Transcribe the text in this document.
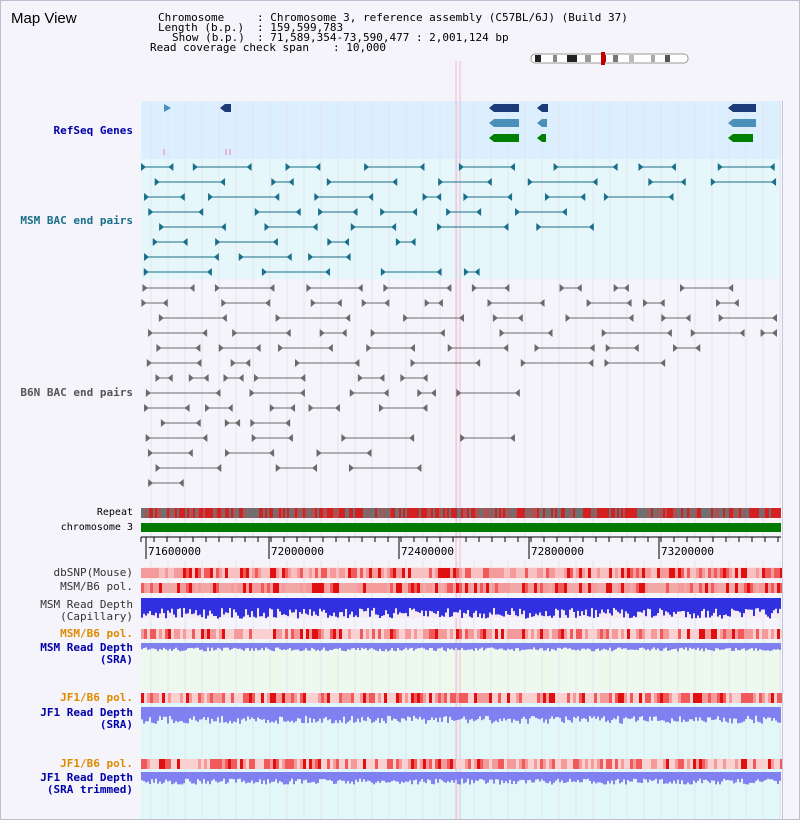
Map View	Chromosome	: Chromosome 3, reference assembly (C57BL/6J) (Build 37)
Length (b.p.) : 159,599,783
Show (b.p.) : 71,589,354-73,590,477 : 2,001,124 bp
Read coverage check span : 10,000
71600000	72000000	72400000	72800000	73200000
RefSeq Genes
MSM BAC end pairs
B6N BAC end pairs
Repeat
chromosome 3
dbSNP(Mouse)
MSM/B6 pol.
MSM Read Depth
(Capillary)
MSM/B6 pol.
MSM Read Depth
(SRA)
JF1/B6 pol.
JF1 Read Depth
(SRA)
JF1/B6 pol.
JF1 Read Depth
(SRA trimmed)
